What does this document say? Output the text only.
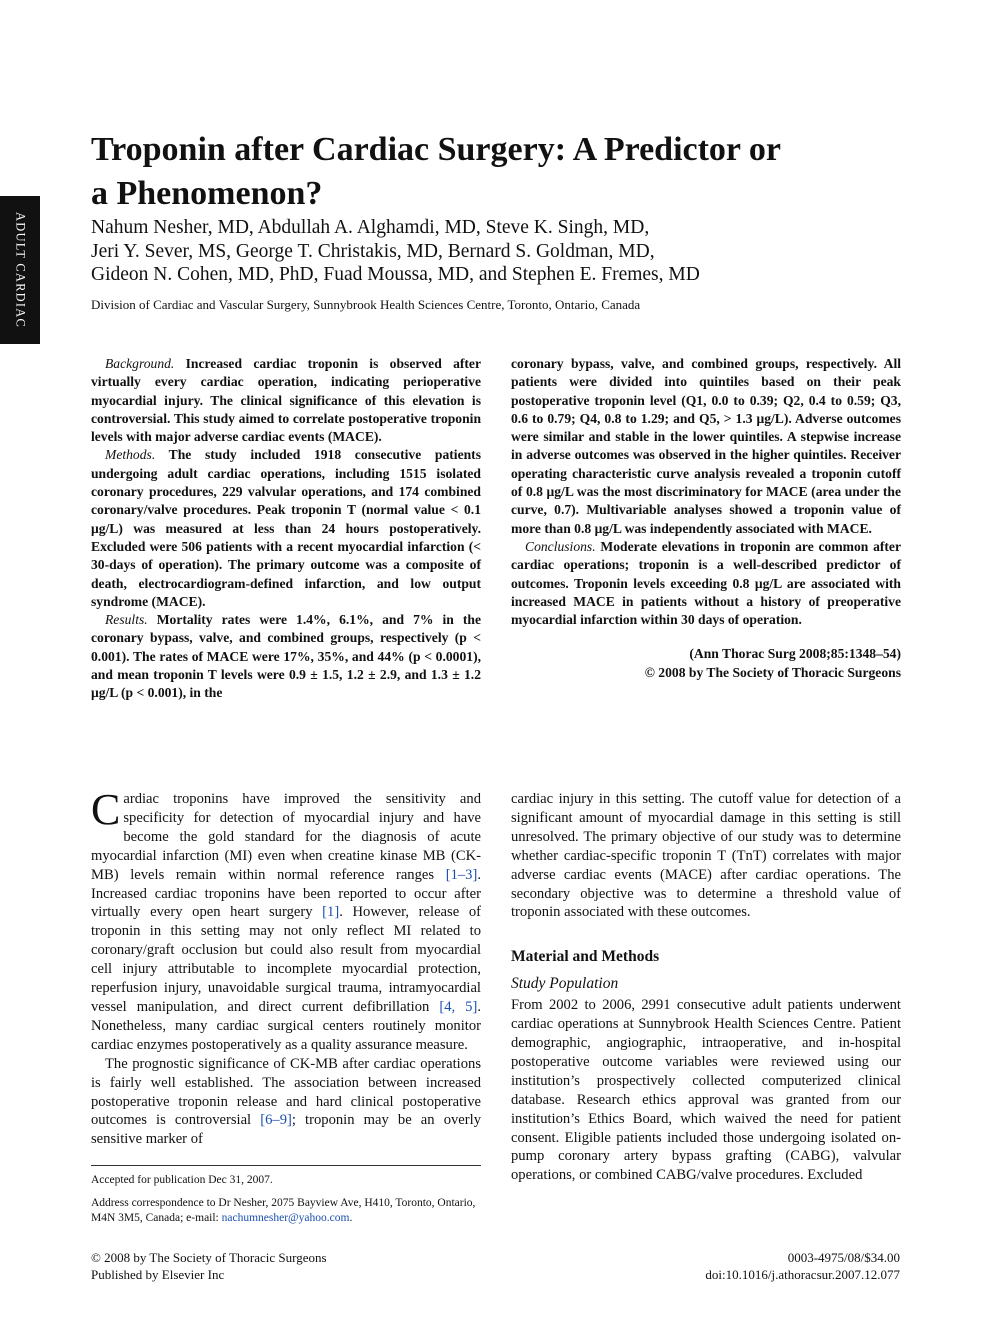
ADULT CARDIAC
Troponin after Cardiac Surgery: A Predictor or
a Phenomenon?
Nahum Nesher, MD, Abdullah A. Alghamdi, MD, Steve K. Singh, MD,
Jeri Y. Sever, MS, George T. Christakis, MD, Bernard S. Goldman, MD,
Gideon N. Cohen, MD, PhD, Fuad Moussa, MD, and Stephen E. Fremes, MD
Division of Cardiac and Vascular Surgery, Sunnybrook Health Sciences Centre, Toronto, Ontario, Canada

Background. Increased cardiac troponin is observed after virtually every cardiac operation, indicating perioperative myocardial injury. The clinical significance of this elevation is controversial. This study aimed to correlate postoperative troponin levels with major adverse cardiac events (MACE).

Methods. The study included 1918 consecutive patients undergoing adult cardiac operations, including 1515 isolated coronary procedures, 229 valvular operations, and 174 combined coronary/valve procedures. Peak troponin T (normal value < 0.1 μg/L) was measured at less than 24 hours postoperatively. Excluded were 506 patients with a recent myocardial infarction (< 30-days of operation). The primary outcome was a composite of death, electrocardiogram-defined infarction, and low output syndrome (MACE).

Results. Mortality rates were 1.4%, 6.1%, and 7% in the coronary bypass, valve, and combined groups, respectively (p < 0.001). The rates of MACE were 17%, 35%, and 44% (p < 0.0001), and mean troponin T levels were 0.9 ± 1.5, 1.2 ± 2.9, and 1.3 ± 1.2 μg/L (p < 0.001), in the

coronary bypass, valve, and combined groups, respectively. All patients were divided into quintiles based on their peak postoperative troponin level (Q1, 0.0 to 0.39; Q2, 0.4 to 0.59; Q3, 0.6 to 0.79; Q4, 0.8 to 1.29; and Q5, > 1.3 μg/L). Adverse outcomes were similar and stable in the lower quintiles. A stepwise increase in adverse outcomes was observed in the higher quintiles. Receiver operating characteristic curve analysis revealed a troponin cutoff of 0.8 μg/L was the most discriminatory for MACE (area under the curve, 0.7). Multivariable analyses showed a troponin value of more than 0.8 μg/L was independently associated with MACE.

Conclusions. Moderate elevations in troponin are common after cardiac operations; troponin is a well-described predictor of outcomes. Troponin levels exceeding 0.8 μg/L are associated with increased MACE in patients without a history of preoperative myocardial infarction within 30 days of operation.

(Ann Thorac Surg 2008;85:1348–54)

© 2008 by The Society of Thoracic Surgeons

Cardiac troponins have improved the sensitivity and specificity for detection of myocardial injury and have become the gold standard for the diagnosis of acute myocardial infarction (MI) even when creatine kinase MB (CK-MB) levels remain within normal reference ranges [1–3]. Increased cardiac troponins have been reported to occur after virtually every open heart surgery [1]. However, release of troponin in this setting may not only reflect MI related to coronary/graft occlusion but could also result from myocardial cell injury attributable to incomplete myocardial protection, reperfusion injury, unavoidable surgical trauma, intramyocardial vessel manipulation, and direct current defibrillation [4, 5]. Nonetheless, many cardiac surgical centers routinely monitor cardiac enzymes postoperatively as a quality assurance measure.

The prognostic significance of CK-MB after cardiac operations is fairly well established. The association between increased postoperative troponin release and hard clinical postoperative outcomes is controversial [6–9]; troponin may be an overly sensitive marker of

cardiac injury in this setting. The cutoff value for detection of a significant amount of myocardial damage in this setting is still unresolved. The primary objective of our study was to determine whether cardiac-specific troponin T (TnT) correlates with major adverse cardiac events (MACE) after cardiac operations. The secondary objective was to determine a threshold value of troponin associated with these outcomes.

Material and Methods
Study Population

From 2002 to 2006, 2991 consecutive adult patients underwent cardiac operations at Sunnybrook Health Sciences Centre. Patient demographic, angiographic, intraoperative, and in-hospital postoperative outcome variables were reviewed using our institution’s prospectively collected computerized clinical database. Research ethics approval was granted from our institution’s Ethics Board, which waived the need for patient consent. Eligible patients included those undergoing isolated on-pump coronary artery bypass grafting (CABG), valvular operations, or combined CABG/valve procedures. Excluded

Accepted for publication Dec 31, 2007.

Address correspondence to Dr Nesher, 2075 Bayview Ave, H410, Toronto, Ontario, M4N 3M5, Canada; e-mail: nachumnesher@yahoo.com.

© 2008 by The Society of Thoracic Surgeons
Published by Elsevier Inc
0003-4975/08/$34.00
doi:10.1016/j.athoracsur.2007.12.077
